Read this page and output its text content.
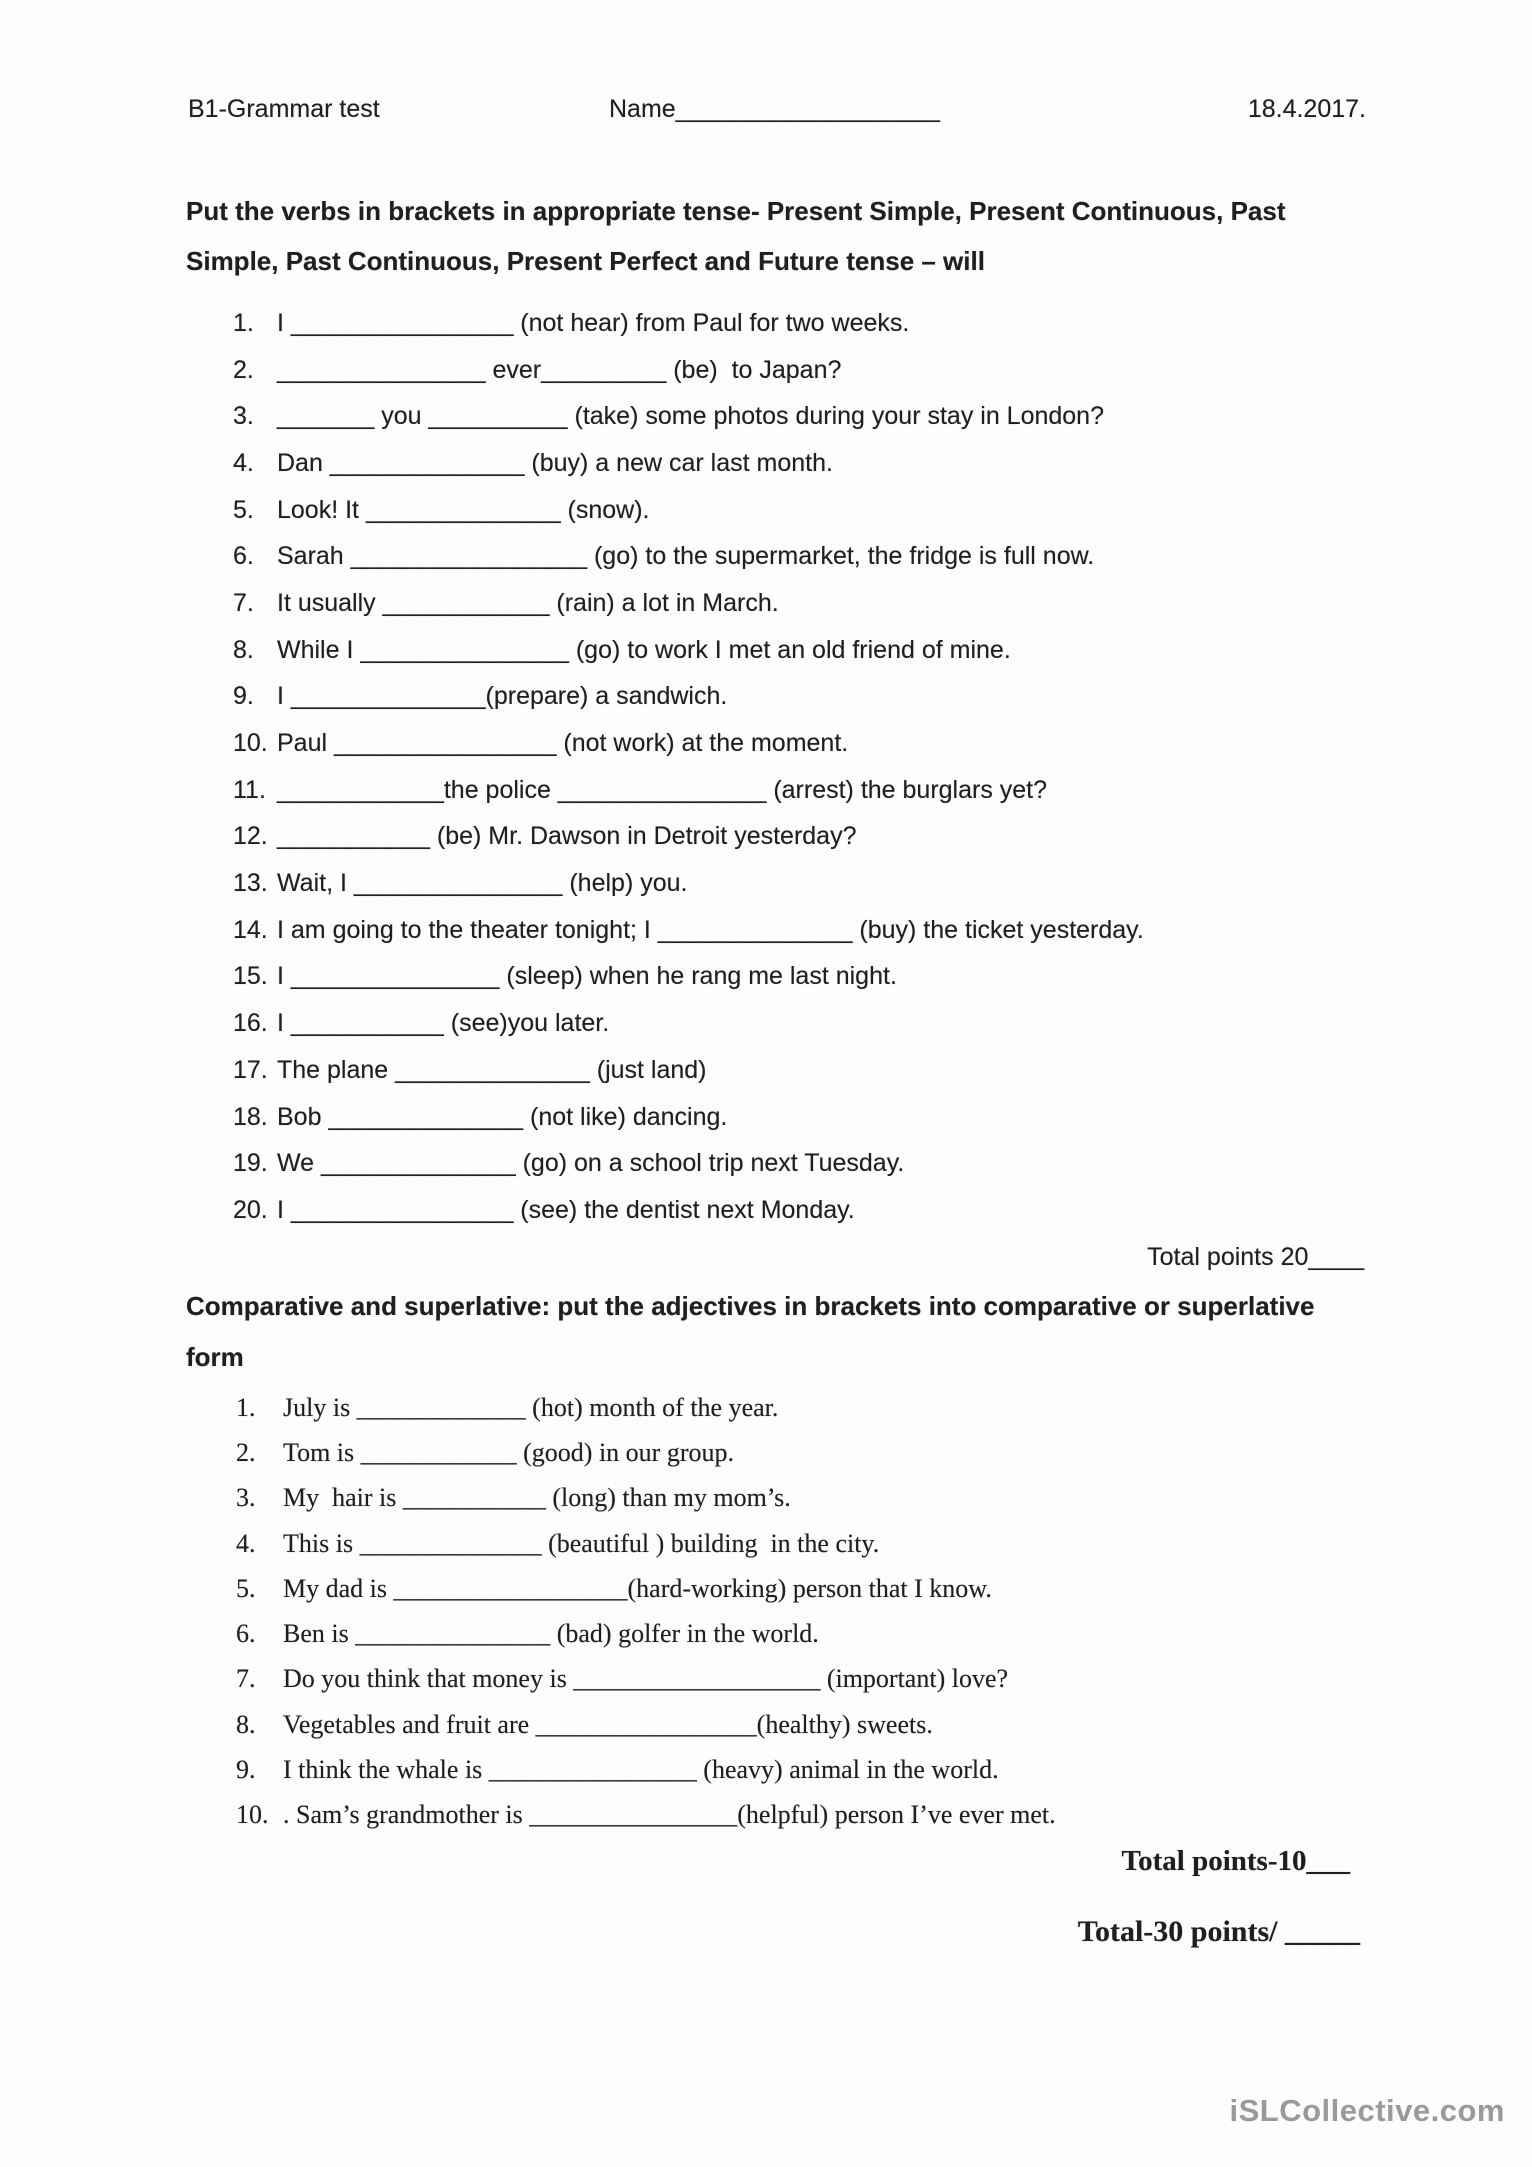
B1-Grammar test	Name___________________	18.4.2017.
Put the verbs in brackets in appropriate tense- Present Simple, Present Continuous, Past
Simple, Past Continuous, Present Perfect and Future tense – will
1. I ________________ (not hear) from Paul for two weeks.
2. _______________ ever_________ (be)  to Japan?
3. _______ you __________ (take) some photos during your stay in London?
4. Dan ______________ (buy) a new car last month.
5. Look! It ______________ (snow).
6. Sarah _________________ (go) to the supermarket, the fridge is full now.
7. It usually ____________ (rain) a lot in March.
8. While I _______________ (go) to work I met an old friend of mine.
9. I ______________(prepare) a sandwich.
10. Paul ________________ (not work) at the moment.
11. ____________the police _______________ (arrest) the burglars yet?
12. ___________ (be) Mr. Dawson in Detroit yesterday?
13. Wait, I _______________ (help) you.
14. I am going to the theater tonight; I ______________ (buy) the ticket yesterday.
15. I _______________ (sleep) when he rang me last night.
16. I ___________ (see)you later.
17. The plane ______________ (just land)
18. Bob ______________ (not like) dancing.
19. We ______________ (go) on a school trip next Tuesday.
20. I ________________ (see) the dentist next Monday.
Total points 20____
Comparative and superlative: put the adjectives in brackets into comparative or superlative
form
1.	July is _____________ (hot) month of the year.
2.	Tom is ____________ (good) in our group.
3.	My  hair is ___________ (long) than my mom’s.
4.	This is ______________ (beautiful ) building  in the city.
5.	My dad is __________________(hard-working) person that I know.
6.	Ben is _______________ (bad) golfer in the world.
7.	Do you think that money is ___________________ (important) love?
8.	Vegetables and fruit are _________________(healthy) sweets.
9.	I think the whale is ________________ (heavy) animal in the world.
10. . Sam’s grandmother is ________________(helpful) person I’ve ever met.
Total points-10___
Total-30 points/ _____
iSLCollective.com
